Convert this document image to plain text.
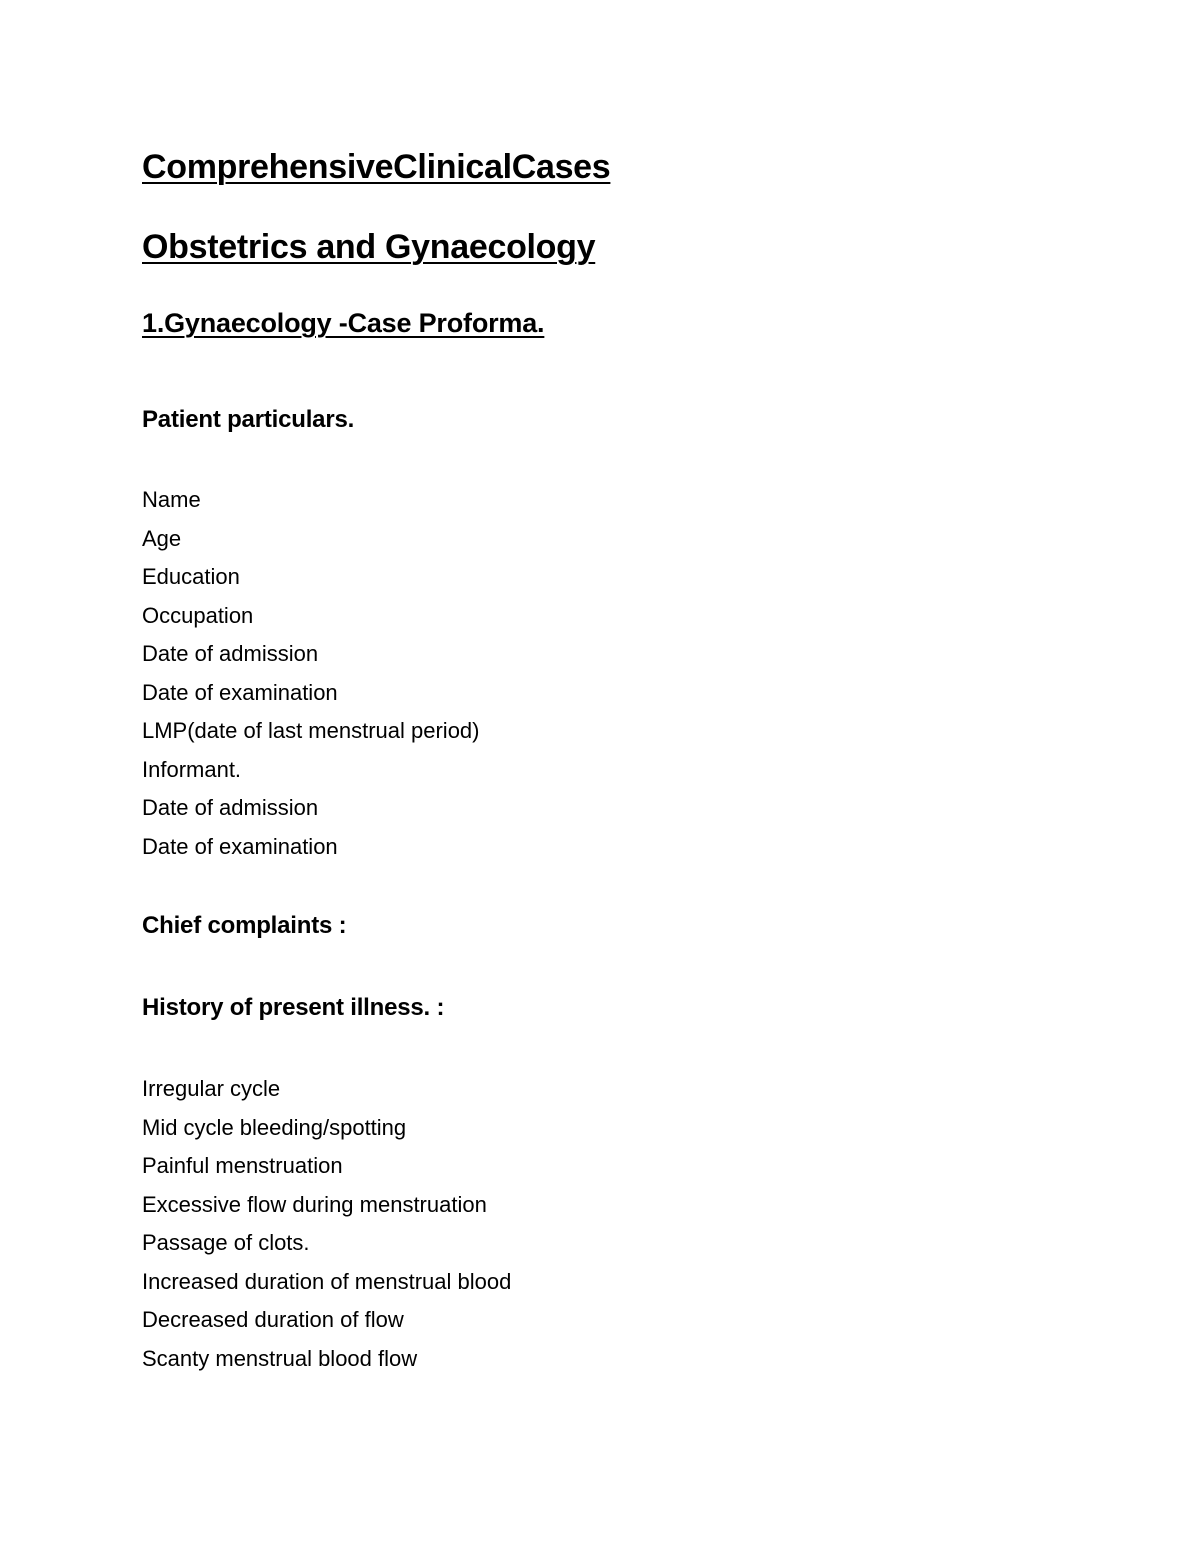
ComprehensiveClinicalCases
Obstetrics and Gynaecology
1.Gynaecology -Case Proforma.
Patient particulars.
Name
Age
Education
Occupation
Date of admission
Date of examination
LMP(date of last menstrual period)
Informant.
Date of admission
Date of examination
Chief complaints :
History of present illness. :
Irregular cycle
Mid cycle bleeding/spotting
Painful menstruation
Excessive flow during menstruation
Passage of clots.
Increased duration of menstrual blood
Decreased duration of flow
Scanty menstrual blood flow
